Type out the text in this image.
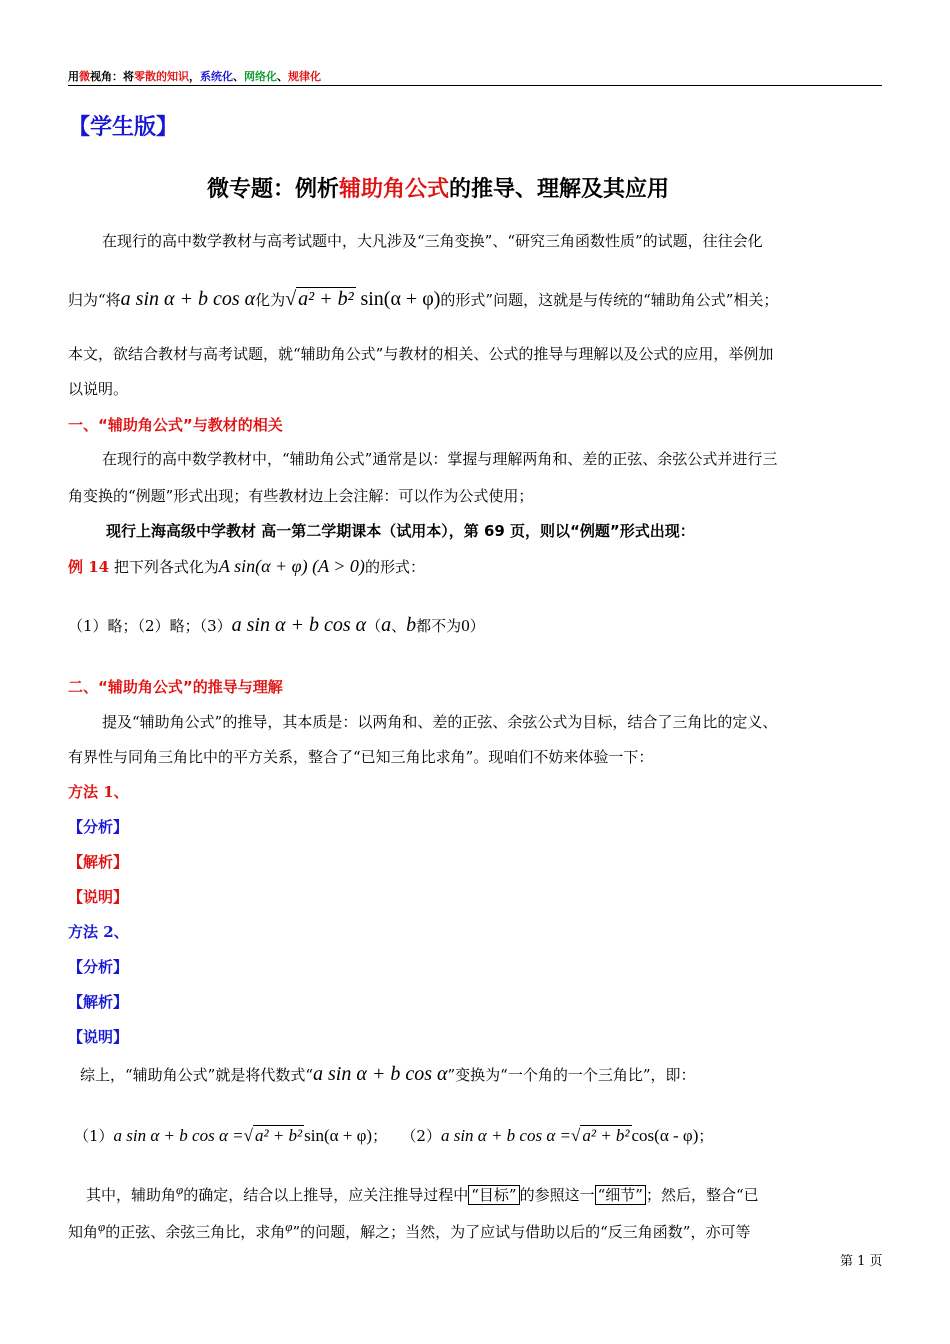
用微视角：将零散的知识，系统化、网络化、规律化
【学生版】
微专题：例析辅助角公式的推导、理解及其应用
在现行的高中数学教材与高考试题中，大凡涉及“三角变换”、“研究三角函数性质”的试题，往往会化
归为“将a sin α + b cos α化为√ a² + b² sin(α + φ)的形式”问题，这就是与传统的“辅助角公式”相关；
本文，欲结合教材与高考试题，就“辅助角公式”与教材的相关、公式的推导与理解以及公式的应用，举例加
以说明。
一、“辅助角公式”与教材的相关
在现行的高中数学教材中，“辅助角公式”通常是以：掌握与理解两角和、差的正弦、余弦公式并进行三
角变换的“例题”形式出现；有些教材边上会注解：可以作为公式使用；
现行上海高级中学教材 高一第二学期课本（试用本），第 69 页，则以“例题”形式出现：
例 14 把下列各式化为A sin(α + φ) (A > 0)的形式：
（1）略；（2）略；（3）a sin α + b cos α（a、b都不为0）
二、“辅助角公式”的推导与理解
提及“辅助角公式”的推导，其本质是：以两角和、差的正弦、余弦公式为目标，结合了三角比的定义、
有界性与同角三角比中的平方关系，整合了“已知三角比求角”。现咱们不妨来体验一下：
方法 1、
【分析】
【解析】
【说明】
方法 2、
【分析】
【解析】
【说明】
综上，“辅助角公式”就是将代数式“a sin α + b cos α”变换为“一个角的一个三角比”，即：
（1）a sin α + b cos α =√ a² + b² sin(α + φ)； （2）a sin α + b cos α =√ a² + b² cos(α - φ)；
其中，辅助角φ的确定，结合以上推导，应关注推导过程中 “目标” 的参照这一 “细节” ；然后，整合“已
知角φ的正弦、余弦三角比，求角φ”的问题，解之；当然，为了应试与借助以后的“反三角函数”，亦可等
第 1 页
